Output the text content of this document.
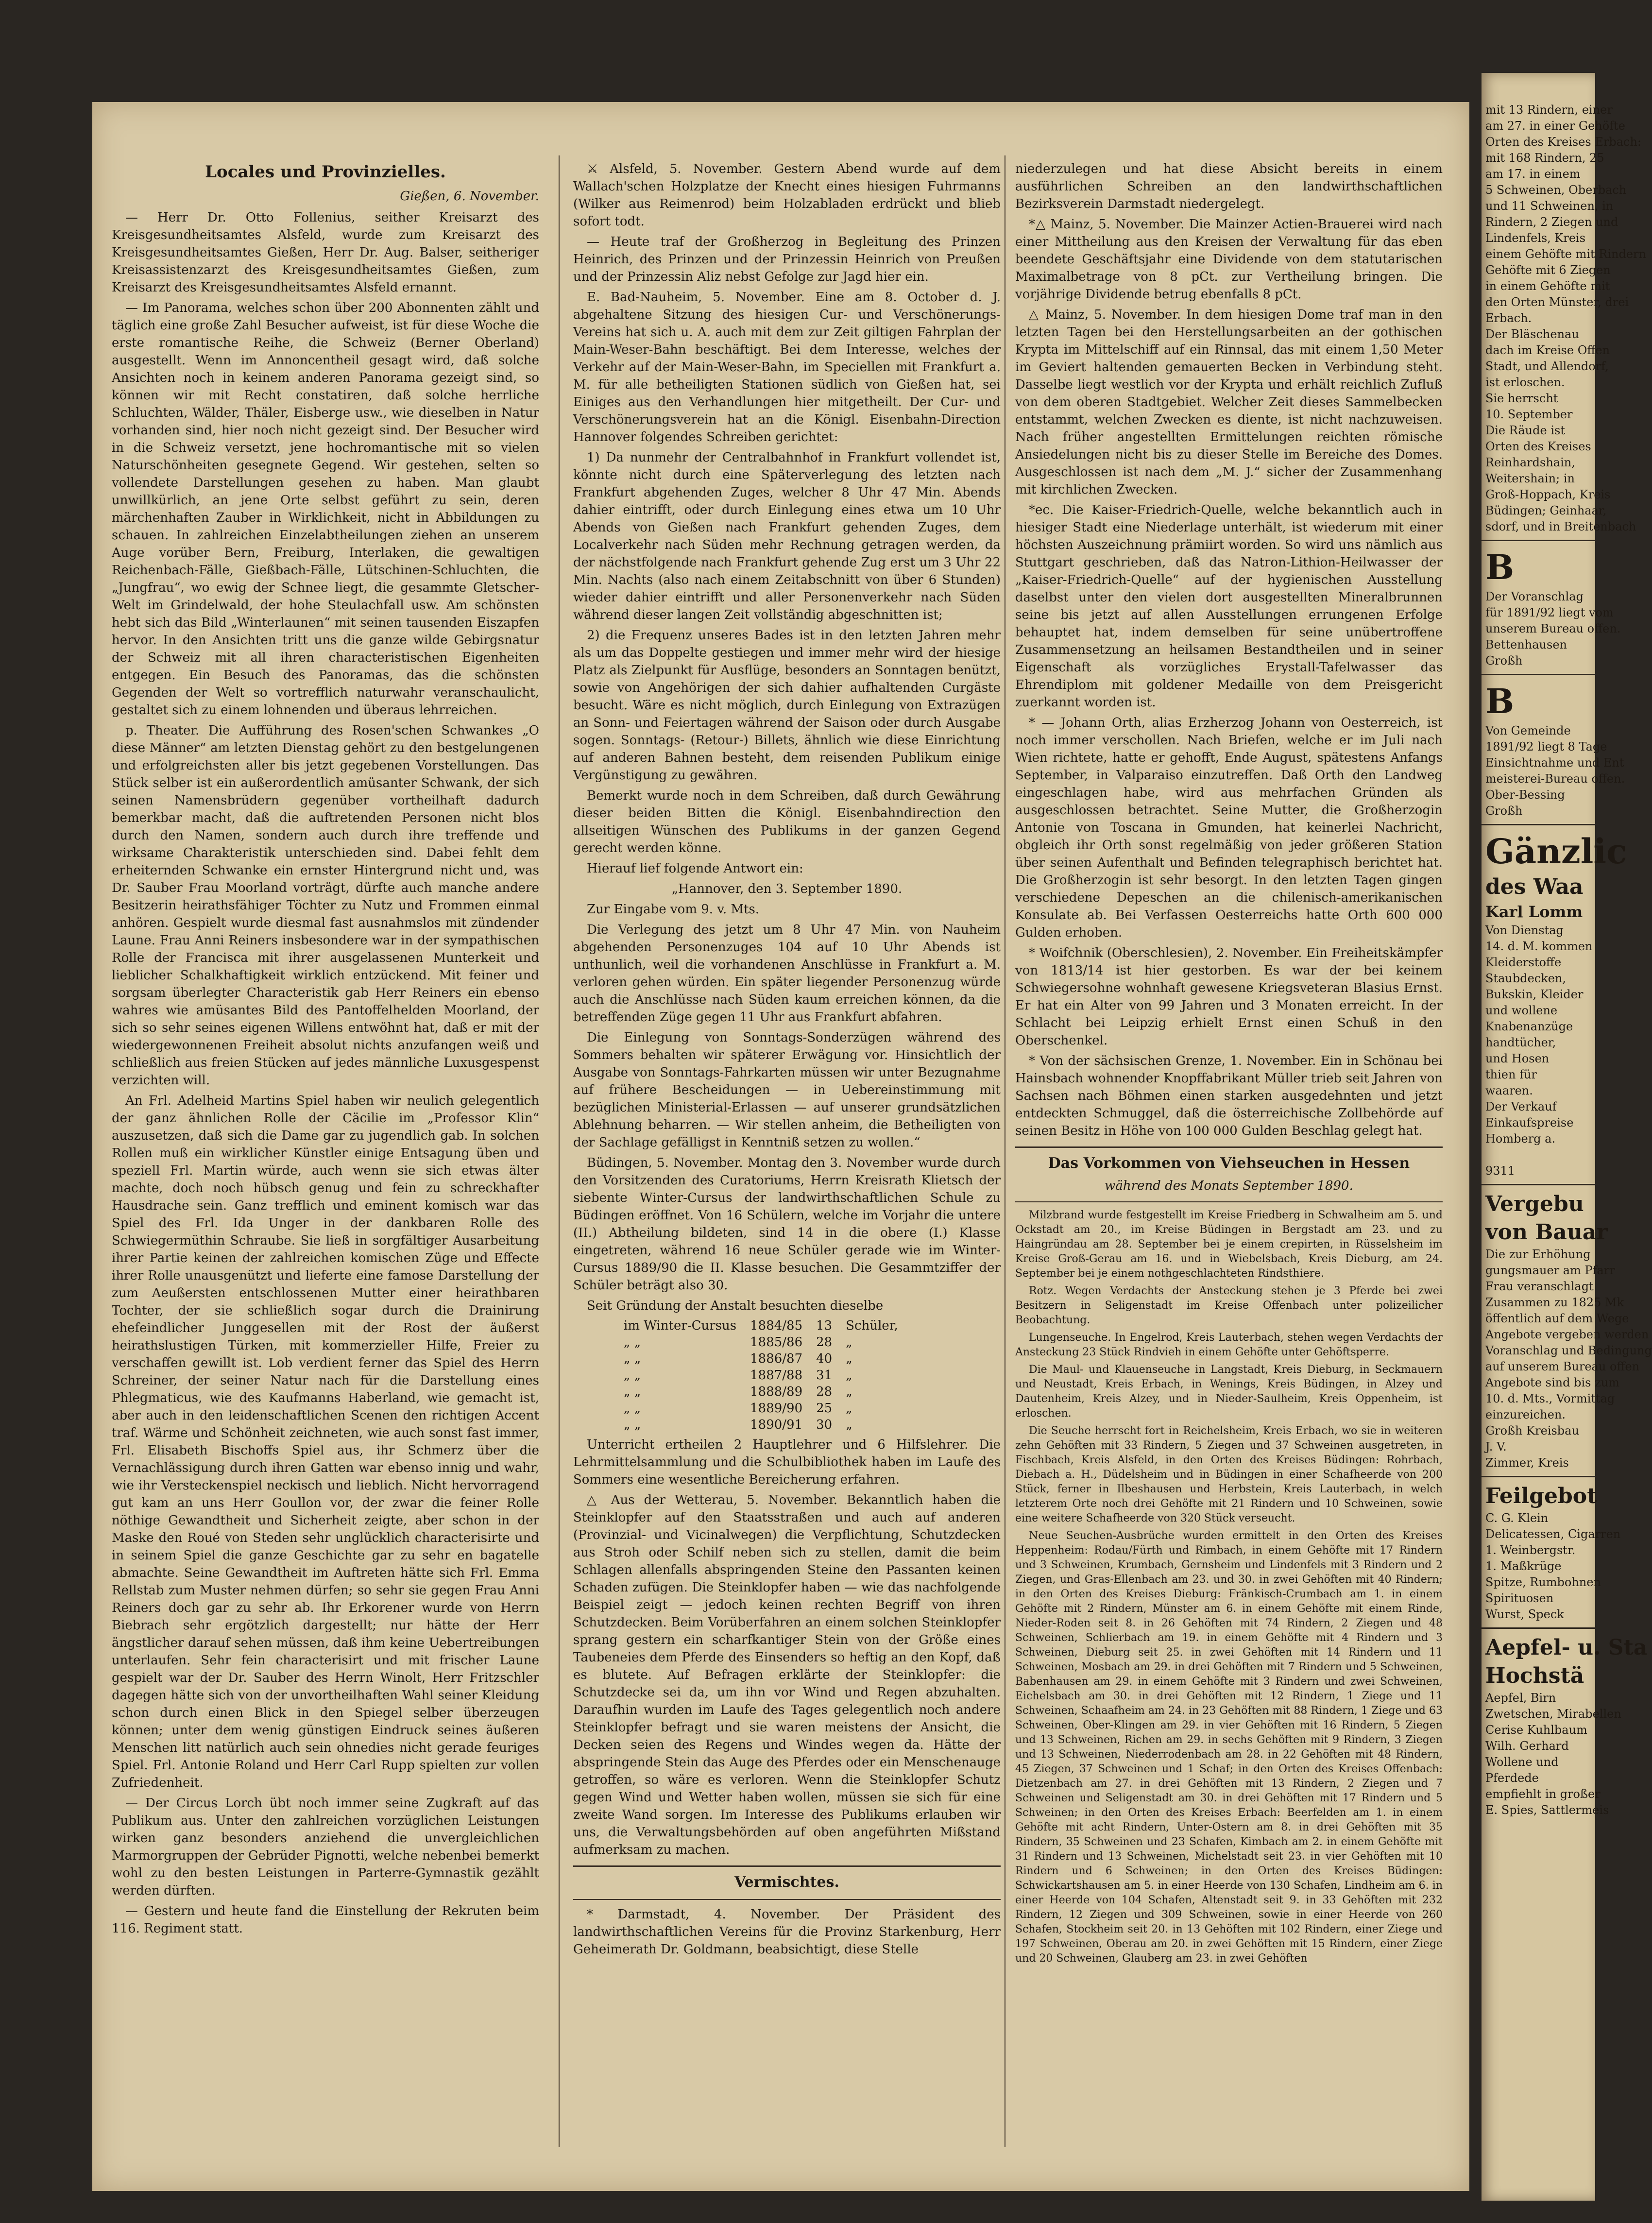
Locales und Provinzielles.
Gießen, 6. November.

— Herr Dr. Otto Follenius, seither Kreisarzt des Kreisgesundheitsamtes Alsfeld, wurde zum Kreisarzt des Kreisgesundheitsamtes Gießen, Herr Dr. Aug. Balser, seitheriger Kreisassistenzarzt des Kreisgesundheitsamtes Gießen, zum Kreisarzt des Kreisgesundheitsamtes Alsfeld ernannt.

— Im Panorama, welches schon über 200 Abonnenten zählt und täglich eine große Zahl Besucher aufweist, ist für diese Woche die erste romantische Reihe, die Schweiz (Berner Oberland) ausgestellt. Wenn im Annoncentheil gesagt wird, daß solche Ansichten noch in keinem anderen Panorama gezeigt sind, so können wir mit Recht constatiren, daß solche herrliche Schluchten, Wälder, Thäler, Eisberge usw., wie dieselben in Natur vorhanden sind, hier noch nicht gezeigt sind. Der Besucher wird in die Schweiz versetzt, jene hochromantische mit so vielen Naturschönheiten gesegnete Gegend. Wir gestehen, selten so vollendete Darstellungen gesehen zu haben. Man glaubt unwillkürlich, an jene Orte selbst geführt zu sein, deren märchenhaften Zauber in Wirklichkeit, nicht in Abbildungen zu schauen. In zahlreichen Einzelabtheilungen ziehen an unserem Auge vorüber Bern, Freiburg, Interlaken, die gewaltigen Reichenbach-Fälle, Gießbach-Fälle, Lütschinen-Schluchten, die „Jungfrau“, wo ewig der Schnee liegt, die gesammte Gletscher-Welt im Grindelwald, der hohe Steulachfall usw. Am schönsten hebt sich das Bild „Winterlaunen“ mit seinen tausenden Eiszapfen hervor. In den Ansichten tritt uns die ganze wilde Gebirgsnatur der Schweiz mit all ihren characteristischen Eigenheiten entgegen. Ein Besuch des Panoramas, das die schönsten Gegenden der Welt so vortrefflich naturwahr veranschaulicht, gestaltet sich zu einem lohnenden und überaus lehrreichen.

p. Theater. Die Aufführung des Rosen'schen Schwankes „O diese Männer“ am letzten Dienstag gehört zu den bestgelungenen und erfolgreichsten aller bis jetzt gegebenen Vorstellungen. Das Stück selber ist ein außerordentlich amüsanter Schwank, der sich seinen Namensbrüdern gegenüber vortheilhaft dadurch bemerkbar macht, daß die auftretenden Personen nicht blos durch den Namen, sondern auch durch ihre treffende und wirksame Charakteristik unterschieden sind. Dabei fehlt dem erheiternden Schwanke ein ernster Hintergrund nicht und, was Dr. Sauber Frau Moorland vorträgt, dürfte auch manche andere Besitzerin heirathsfähiger Töchter zu Nutz und Frommen einmal anhören. Gespielt wurde diesmal fast ausnahmslos mit zündender Laune. Frau Anni Reiners insbesondere war in der sympathischen Rolle der Francisca mit ihrer ausgelassenen Munterkeit und lieblicher Schalkhaftigkeit wirklich entzückend. Mit feiner und sorgsam überlegter Characteristik gab Herr Reiners ein ebenso wahres wie amüsantes Bild des Pantoffelhelden Moorland, der sich so sehr seines eigenen Willens entwöhnt hat, daß er mit der wiedergewonnenen Freiheit absolut nichts anzufangen weiß und schließlich aus freien Stücken auf jedes männliche Luxusgespenst verzichten will.

An Frl. Adelheid Martins Spiel haben wir neulich gelegentlich der ganz ähnlichen Rolle der Cäcilie im „Professor Klin“ auszusetzen, daß sich die Dame gar zu jugendlich gab. In solchen Rollen muß ein wirklicher Künstler einige Entsagung üben und speziell Frl. Martin würde, auch wenn sie sich etwas älter machte, doch noch hübsch genug und fein zu schreckhafter Hausdrache sein. Ganz trefflich und eminent komisch war das Spiel des Frl. Ida Unger in der dankbaren Rolle des Schwiegermüthin Schraube. Sie ließ in sorgfältiger Ausarbeitung ihrer Partie keinen der zahlreichen komischen Züge und Effecte ihrer Rolle unausgenützt und lieferte eine famose Darstellung der zum Aeußersten entschlossenen Mutter einer heirathbaren Tochter, der sie schließlich sogar durch die Drainirung ehefeindlicher Junggesellen mit der Rost der äußerst heirathslustigen Türken, mit kommerzieller Hilfe, Freier zu verschaffen gewillt ist. Lob verdient ferner das Spiel des Herrn Schreiner, der seiner Natur nach für die Darstellung eines Phlegmaticus, wie des Kaufmanns Haberland, wie gemacht ist, aber auch in den leidenschaftlichen Scenen den richtigen Accent traf. Wärme und Schönheit zeichneten, wie auch sonst fast immer, Frl. Elisabeth Bischoffs Spiel aus, ihr Schmerz über die Vernachlässigung durch ihren Gatten war ebenso innig und wahr, wie ihr Versteckenspiel neckisch und lieblich. Nicht hervorragend gut kam an uns Herr Goullon vor, der zwar die feiner Rolle nöthige Gewandtheit und Sicherheit zeigte, aber schon in der Maske den Roué von Steden sehr unglücklich characterisirte und in seinem Spiel die ganze Geschichte gar zu sehr en bagatelle abmachte. Seine Gewandtheit im Auftreten hätte sich Frl. Emma Rellstab zum Muster nehmen dürfen; so sehr sie gegen Frau Anni Reiners doch gar zu sehr ab. Ihr Erkorener wurde von Herrn Biebrach sehr ergötzlich dargestellt; nur hätte der Herr ängstlicher darauf sehen müssen, daß ihm keine Uebertreibungen unterlaufen. Sehr fein characterisirt und mit frischer Laune gespielt war der Dr. Sauber des Herrn Winolt, Herr Fritzschler dagegen hätte sich von der unvortheilhaften Wahl seiner Kleidung schon durch einen Blick in den Spiegel selber überzeugen können; unter dem wenig günstigen Eindruck seines äußeren Menschen litt natürlich auch sein ohnedies nicht gerade feuriges Spiel. Frl. Antonie Roland und Herr Carl Rupp spielten zur vollen Zufriedenheit.

— Der Circus Lorch übt noch immer seine Zugkraft auf das Publikum aus. Unter den zahlreichen vorzüglichen Leistungen wirken ganz besonders anziehend die unvergleichlichen Marmorgruppen der Gebrüder Pignotti, welche nebenbei bemerkt wohl zu den besten Leistungen in Parterre-Gymnastik gezählt werden dürften.

— Gestern und heute fand die Einstellung der Rekruten beim 116. Regiment statt.

⚔ Alsfeld, 5. November. Gestern Abend wurde auf dem Wallach'schen Holzplatze der Knecht eines hiesigen Fuhrmanns (Wilker aus Reimenrod) beim Holzabladen erdrückt und blieb sofort todt.

— Heute traf der Großherzog in Begleitung des Prinzen Heinrich, des Prinzen und der Prinzessin Heinrich von Preußen und der Prinzessin Aliz nebst Gefolge zur Jagd hier ein.

E. Bad-Nauheim, 5. November. Eine am 8. October d. J. abgehaltene Sitzung des hiesigen Cur- und Verschönerungs-Vereins hat sich u. A. auch mit dem zur Zeit giltigen Fahrplan der Main-Weser-Bahn beschäftigt. Bei dem Interesse, welches der Verkehr auf der Main-Weser-Bahn, im Speciellen mit Frankfurt a. M. für alle betheiligten Stationen südlich von Gießen hat, sei Einiges aus den Verhandlungen hier mitgetheilt. Der Cur- und Verschönerungsverein hat an die Königl. Eisenbahn-Direction Hannover folgendes Schreiben gerichtet:

1) Da nunmehr der Centralbahnhof in Frankfurt vollendet ist, könnte nicht durch eine Späterverlegung des letzten nach Frankfurt abgehenden Zuges, welcher 8 Uhr 47 Min. Abends dahier eintrifft, oder durch Einlegung eines etwa um 10 Uhr Abends von Gießen nach Frankfurt gehenden Zuges, dem Localverkehr nach Süden mehr Rechnung getragen werden, da der nächstfolgende nach Frankfurt gehende Zug erst um 3 Uhr 22 Min. Nachts (also nach einem Zeitabschnitt von über 6 Stunden) wieder dahier eintrifft und aller Personenverkehr nach Süden während dieser langen Zeit vollständig abgeschnitten ist;

2) die Frequenz unseres Bades ist in den letzten Jahren mehr als um das Doppelte gestiegen und immer mehr wird der hiesige Platz als Zielpunkt für Ausflüge, besonders an Sonntagen benützt, sowie von Angehörigen der sich dahier aufhaltenden Curgäste besucht. Wäre es nicht möglich, durch Einlegung von Extrazügen an Sonn- und Feiertagen während der Saison oder durch Ausgabe sogen. Sonntags- (Retour-) Billets, ähnlich wie diese Einrichtung auf anderen Bahnen besteht, dem reisenden Publikum einige Vergünstigung zu gewähren.

Bemerkt wurde noch in dem Schreiben, daß durch Gewährung dieser beiden Bitten die Königl. Eisenbahndirection den allseitigen Wünschen des Publikums in der ganzen Gegend gerecht werden könne.

Hierauf lief folgende Antwort ein:

„Hannover, den 3. September 1890.

Zur Eingabe vom 9. v. Mts.

Die Verlegung des jetzt um 8 Uhr 47 Min. von Nauheim abgehenden Personenzuges 104 auf 10 Uhr Abends ist unthunlich, weil die vorhandenen Anschlüsse in Frankfurt a. M. verloren gehen würden. Ein später liegender Personenzug würde auch die Anschlüsse nach Süden kaum erreichen können, da die betreffenden Züge gegen 11 Uhr aus Frankfurt abfahren.

Die Einlegung von Sonntags-Sonderzügen während des Sommers behalten wir späterer Erwägung vor. Hinsichtlich der Ausgabe von Sonntags-Fahrkarten müssen wir unter Bezugnahme auf frühere Bescheidungen — in Uebereinstimmung mit bezüglichen Ministerial-Erlassen — auf unserer grundsätzlichen Ablehnung beharren. — Wir stellen anheim, die Betheiligten von der Sachlage gefälligst in Kenntniß setzen zu wollen.“

Büdingen, 5. November. Montag den 3. November wurde durch den Vorsitzenden des Curatoriums, Herrn Kreisrath Klietsch der siebente Winter-Cursus der landwirthschaftlichen Schule zu Büdingen eröffnet. Von 16 Schülern, welche im Vorjahr die untere (II.) Abtheilung bildeten, sind 14 in die obere (I.) Klasse eingetreten, während 16 neue Schüler gerade wie im Winter-Cursus 1889/90 die II. Klasse besuchen. Die Gesammtziffer der Schüler beträgt also 30.

Seit Gründung der Anstalt besuchten dieselbe

im Winter-Cursus	1884/85	13	Schüler,
„ „	1885/86	28	„
„ „	1886/87	40	„
„ „	1887/88	31	„
„ „	1888/89	28	„
„ „	1889/90	25	„
„ „	1890/91	30	„

Unterricht ertheilen 2 Hauptlehrer und 6 Hilfslehrer. Die Lehrmittelsammlung und die Schulbibliothek haben im Laufe des Sommers eine wesentliche Bereicherung erfahren.

△ Aus der Wetterau, 5. November. Bekanntlich haben die Steinklopfer auf den Staatsstraßen und auch auf anderen (Provinzial- und Vicinalwegen) die Verpflichtung, Schutzdecken aus Stroh oder Schilf neben sich zu stellen, damit die beim Schlagen allenfalls abspringenden Steine den Passanten keinen Schaden zufügen. Die Steinklopfer haben — wie das nachfolgende Beispiel zeigt — jedoch keinen rechten Begriff von ihren Schutzdecken. Beim Vorüberfahren an einem solchen Steinklopfer sprang gestern ein scharfkantiger Stein von der Größe eines Taubeneies dem Pferde des Einsenders so heftig an den Kopf, daß es blutete. Auf Befragen erklärte der Steinklopfer: die Schutzdecke sei da, um ihn vor Wind und Regen abzuhalten. Daraufhin wurden im Laufe des Tages gelegentlich noch andere Steinklopfer befragt und sie waren meistens der Ansicht, die Decken seien des Regens und Windes wegen da. Hätte der abspringende Stein das Auge des Pferdes oder ein Menschenauge getroffen, so wäre es verloren. Wenn die Steinklopfer Schutz gegen Wind und Wetter haben wollen, müssen sie sich für eine zweite Wand sorgen. Im Interesse des Publikums erlauben wir uns, die Verwaltungsbehörden auf oben angeführten Mißstand aufmerksam zu machen.

Vermischtes.

* Darmstadt, 4. November. Der Präsident des landwirthschaftlichen Vereins für die Provinz Starkenburg, Herr Geheimerath Dr. Goldmann, beabsichtigt, diese Stelle

niederzulegen und hat diese Absicht bereits in einem ausführlichen Schreiben an den landwirthschaftlichen Bezirksverein Darmstadt niedergelegt.

*△ Mainz, 5. November. Die Mainzer Actien-Brauerei wird nach einer Mittheilung aus den Kreisen der Verwaltung für das eben beendete Geschäftsjahr eine Dividende von dem statutarischen Maximalbetrage von 8 pCt. zur Vertheilung bringen. Die vorjährige Dividende betrug ebenfalls 8 pCt.

△ Mainz, 5. November. In dem hiesigen Dome traf man in den letzten Tagen bei den Herstellungsarbeiten an der gothischen Krypta im Mittelschiff auf ein Rinnsal, das mit einem 1,50 Meter im Geviert haltenden gemauerten Becken in Verbindung steht. Dasselbe liegt westlich vor der Krypta und erhält reichlich Zufluß von dem oberen Stadtgebiet. Welcher Zeit dieses Sammelbecken entstammt, welchen Zwecken es diente, ist nicht nachzuweisen. Nach früher angestellten Ermittelungen reichten römische Ansiedelungen nicht bis zu dieser Stelle im Bereiche des Domes. Ausgeschlossen ist nach dem „M. J.“ sicher der Zusammenhang mit kirchlichen Zwecken.

*ec. Die Kaiser-Friedrich-Quelle, welche bekanntlich auch in hiesiger Stadt eine Niederlage unterhält, ist wiederum mit einer höchsten Auszeichnung prämiirt worden. So wird uns nämlich aus Stuttgart geschrieben, daß das Natron-Lithion-Heilwasser der „Kaiser-Friedrich-Quelle“ auf der hygienischen Ausstellung daselbst unter den vielen dort ausgestellten Mineralbrunnen seine bis jetzt auf allen Ausstellungen errungenen Erfolge behauptet hat, indem demselben für seine unübertroffene Zusammensetzung an heilsamen Bestandtheilen und in seiner Eigenschaft als vorzügliches Erystall-Tafelwasser das Ehrendiplom mit goldener Medaille von dem Preisgericht zuerkannt worden ist.

* — Johann Orth, alias Erzherzog Johann von Oesterreich, ist noch immer verschollen. Nach Briefen, welche er im Juli nach Wien richtete, hatte er gehofft, Ende August, spätestens Anfangs September, in Valparaiso einzutreffen. Daß Orth den Landweg eingeschlagen habe, wird aus mehrfachen Gründen als ausgeschlossen betrachtet. Seine Mutter, die Großherzogin Antonie von Toscana in Gmunden, hat keinerlei Nachricht, obgleich ihr Orth sonst regelmäßig von jeder größeren Station über seinen Aufenthalt und Befinden telegraphisch berichtet hat. Die Großherzogin ist sehr besorgt. In den letzten Tagen gingen verschiedene Depeschen an die chilenisch-amerikanischen Konsulate ab. Bei Verfassen Oesterreichs hatte Orth 600 000 Gulden erhoben.

* Woifchnik (Oberschlesien), 2. November. Ein Freiheitskämpfer von 1813/14 ist hier gestorben. Es war der bei keinem Schwiegersohne wohnhaft gewesene Kriegsveteran Blasius Ernst. Er hat ein Alter von 99 Jahren und 3 Monaten erreicht. In der Schlacht bei Leipzig erhielt Ernst einen Schuß in den Oberschenkel.

* Von der sächsischen Grenze, 1. November. Ein in Schönau bei Hainsbach wohnender Knopffabrikant Müller trieb seit Jahren von Sachsen nach Böhmen einen starken ausgedehnten und jetzt entdeckten Schmuggel, daß die österreichische Zollbehörde auf seinen Besitz in Höhe von 100 000 Gulden Beschlag gelegt hat.

Das Vorkommen von Viehseuchen in Hessen
während des Monats September 1890.

Milzbrand wurde festgestellt im Kreise Friedberg in Schwalheim am 5. und Ockstadt am 20., im Kreise Büdingen in Bergstadt am 23. und zu Haingründau am 28. September bei je einem crepirten, in Rüsselsheim im Kreise Groß-Gerau am 16. und in Wiebelsbach, Kreis Dieburg, am 24. September bei je einem nothgeschlachteten Rindsthiere.

Rotz. Wegen Verdachts der Ansteckung stehen je 3 Pferde bei zwei Besitzern in Seligenstadt im Kreise Offenbach unter polizeilicher Beobachtung.

Lungenseuche. In Engelrod, Kreis Lauterbach, stehen wegen Verdachts der Ansteckung 23 Stück Rindvieh in einem Gehöfte unter Gehöftsperre.

Die Maul- und Klauenseuche in Langstadt, Kreis Dieburg, in Seckmauern und Neustadt, Kreis Erbach, in Wenings, Kreis Büdingen, in Alzey und Dautenheim, Kreis Alzey, und in Nieder-Saulheim, Kreis Oppenheim, ist erloschen.

Die Seuche herrscht fort in Reichelsheim, Kreis Erbach, wo sie in weiteren zehn Gehöften mit 33 Rindern, 5 Ziegen und 37 Schweinen ausgetreten, in Fischbach, Kreis Alsfeld, in den Orten des Kreises Büdingen: Rohrbach, Diebach a. H., Düdelsheim und in Büdingen in einer Schafheerde von 200 Stück, ferner in Ilbeshausen und Herbstein, Kreis Lauterbach, in welch letzterem Orte noch drei Gehöfte mit 21 Rindern und 10 Schweinen, sowie eine weitere Schafheerde von 320 Stück verseucht.

Neue Seuchen-Ausbrüche wurden ermittelt in den Orten des Kreises Heppenheim: Rodau/Fürth und Rimbach, in einem Gehöfte mit 17 Rindern und 3 Schweinen, Krumbach, Gernsheim und Lindenfels mit 3 Rindern und 2 Ziegen, und Gras-Ellenbach am 23. und 30. in zwei Gehöften mit 40 Rindern; in den Orten des Kreises Dieburg: Fränkisch-Crumbach am 1. in einem Gehöfte mit 2 Rindern, Münster am 6. in einem Gehöfte mit einem Rinde, Nieder-Roden seit 8. in 26 Gehöften mit 74 Rindern, 2 Ziegen und 48 Schweinen, Schlierbach am 19. in einem Gehöfte mit 4 Rindern und 3 Schweinen, Dieburg seit 25. in zwei Gehöften mit 14 Rindern und 11 Schweinen, Mosbach am 29. in drei Gehöften mit 7 Rindern und 5 Schweinen, Babenhausen am 29. in einem Gehöfte mit 3 Rindern und zwei Schweinen, Eichelsbach am 30. in drei Gehöften mit 12 Rindern, 1 Ziege und 11 Schweinen, Schaafheim am 24. in 23 Gehöften mit 88 Rindern, 1 Ziege und 63 Schweinen, Ober-Klingen am 29. in vier Gehöften mit 16 Rindern, 5 Ziegen und 13 Schweinen, Richen am 29. in sechs Gehöften mit 9 Rindern, 3 Ziegen und 13 Schweinen, Niederrodenbach am 28. in 22 Gehöften mit 48 Rindern, 45 Ziegen, 37 Schweinen und 1 Schaf; in den Orten des Kreises Offenbach: Dietzenbach am 27. in drei Gehöften mit 13 Rindern, 2 Ziegen und 7 Schweinen und Seligenstadt am 30. in drei Gehöften mit 17 Rindern und 5 Schweinen; in den Orten des Kreises Erbach: Beerfelden am 1. in einem Gehöfte mit acht Rindern, Unter-Ostern am 8. in drei Gehöften mit 35 Rindern, 35 Schweinen und 23 Schafen, Kimbach am 2. in einem Gehöfte mit 31 Rindern und 13 Schweinen, Michelstadt seit 23. in vier Gehöften mit 10 Rindern und 6 Schweinen; in den Orten des Kreises Büdingen: Schwickartshausen am 5. in einer Heerde von 130 Schafen, Lindheim am 6. in einer Heerde von 104 Schafen, Altenstadt seit 9. in 33 Gehöften mit 232 Rindern, 12 Ziegen und 309 Schweinen, sowie in einer Heerde von 260 Schafen, Stockheim seit 20. in 13 Gehöften mit 102 Rindern, einer Ziege und 197 Schweinen, Oberau am 20. in zwei Gehöften mit 15 Rindern, einer Ziege und 20 Schweinen, Glauberg am 23. in zwei Gehöften

mit 13 Rindern, einer
am 27. in einer Gehöfte
Orten des Kreises Erbach:
mit 168 Rindern, 25
am 17. in einem
5 Schweinen, Oberbach
und 11 Schweinen, in
Rindern, 2 Ziegen und
Lindenfels, Kreis
einem Gehöfte mit Rindern
Gehöfte mit 6 Ziegen
in einem Gehöfte mit
den Orten Münster, drei
Erbach.
Der Bläschenau
dach im Kreise Offen
Stadt, und Allendorf,
ist erloschen.
Sie herrscht
10. September
Die Räude ist
Orten des Kreises
Reinhardshain,
Weitershain; in
Groß-Hoppach, Kreis
Büdingen; Geinhaar,
sdorf, und in Breitenbach
B
Der Voranschlag
für 1891/92 liegt vom
unserem Bureau offen.
Bettenhausen
Großh
B
Von Gemeinde
1891/92 liegt 8 Tage
Einsichtnahme und Ent
meisterei-Bureau offen.
Ober-Bessing
Großh
Gänzlic
des Waa
Karl Lomm
Von Dienstag
14. d. M. kommen
Kleiderstoffe
Staubdecken,
Bukskin, Kleider
und wollene
Knabenanzüge
handtücher,
und Hosen
thien für
waaren.
Der Verkauf
Einkaufspreise
Homberg a.

9311
Vergebu
von Bauar
Die zur Erhöhung
gungsmauer am Pfarr
Frau veranschlagt
Zusammen zu 1825 Mk
öffentlich auf dem Wege
Angebote vergeben werden
Voranschlag und Bedingung
auf unserem Bureau offen
Angebote sind bis zum
10. d. Mts., Vormittag
einzureichen.
Großh Kreisbau
J. V.
Zimmer, Kreis
Feilgebot
C. G. Klein
Delicatessen, Cigarren
1. Weinbergstr.
1. Maßkrüge
Spitze, Rumbohnen
Spirituosen
Wurst, Speck
Aepfel- u. Sta
Hochstä
Aepfel, Birn
Zwetschen, Mirabellen
Cerise Kuhlbaum
Wilh. Gerhard
Wollene und
Pferdede
empfiehlt in großer
E. Spies, Sattlermeis
